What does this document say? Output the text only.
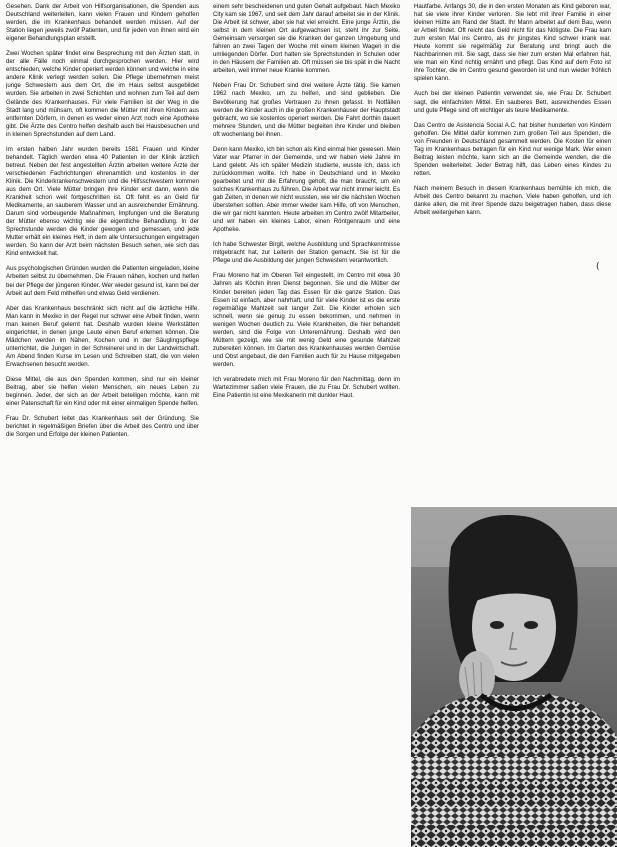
Gesehen. Dank der Arbeit von Hilfsorganisationen, die Spenden aus Deutschland weiterleiten, kann vielen Frauen und Kindern geholfen werden, die im Krankenhaus behandelt werden müssen. Auf der Station liegen jeweils zwölf Patienten, und für jeden von ihnen wird ein eigener Behandlungsplan erstellt.

Zwei Wochen später findet eine Besprechung mit den Ärzten statt, in der alle Fälle noch einmal durchgesprochen werden. Hier wird entschieden, welche Kinder operiert werden können und welche in eine andere Klinik verlegt werden sollen. Die Pflege übernehmen meist junge Schwestern aus dem Ort, die im Haus selbst ausgebildet wurden. Sie arbeiten in zwei Schichten und wohnen zum Teil auf dem Gelände des Krankenhauses. Für viele Familien ist der Weg in die Stadt lang und mühsam, oft kommen die Mütter mit ihren Kindern aus entfernten Dörfern, in denen es weder einen Arzt noch eine Apotheke gibt. Die Ärzte des Centro helfen deshalb auch bei Hausbesuchen und in kleinen Sprechstunden auf dem Land.

Im ersten halben Jahr wurden bereits 1581 Frauen und Kinder behandelt. Täglich werden etwa 40 Patienten in der Klinik ärztlich betreut. Neben der fest angestellten Ärztin arbeiten weitere Ärzte der verschiedenen Fachrichtungen ehrenamtlich und kostenlos in der Klinik. Die Kinderkrankenschwestern und die Hilfsschwestern kommen aus dem Ort. Viele Mütter bringen ihre Kinder erst dann, wenn die Krankheit schon weit fortgeschritten ist. Oft fehlt es an Geld für Medikamente, an sauberem Wasser und an ausreichender Ernährung. Darum sind vorbeugende Maßnahmen, Impfungen und die Beratung der Mütter ebenso wichtig wie die eigentliche Behandlung. In der Sprechstunde werden die Kinder gewogen und gemessen, und jede Mutter erhält ein kleines Heft, in dem alle Untersuchungen eingetragen werden. So kann der Arzt beim nächsten Besuch sehen, wie sich das Kind entwickelt hat.

Aus psychologischen Gründen wurden die Patienten eingeladen, kleine Arbeiten selbst zu übernehmen. Die Frauen nähen, kochen und helfen bei der Pflege der jüngeren Kinder. Wer wieder gesund ist, kann bei der Arbeit auf dem Feld mithelfen und etwas Geld verdienen.

Aber das Krankenhaus beschränkt sich nicht auf die ärztliche Hilfe. Man kann in Mexiko in der Regel nur schwer eine Arbeit finden, wenn man keinen Beruf gelernt hat. Deshalb wurden kleine Werkstätten eingerichtet, in denen junge Leute einen Beruf erlernen können. Die Mädchen werden im Nähen, Kochen und in der Säuglingspflege unterrichtet, die Jungen in der Schreinerei und in der Landwirtschaft. Am Abend finden Kurse im Lesen und Schreiben statt, die von vielen Erwachsenen besucht werden.

Diese Mittel, die aus den Spenden kommen, sind nur ein kleiner Beitrag, aber sie helfen vielen Menschen, ein neues Leben zu beginnen. Jeder, der sich an der Arbeit beteiligen möchte, kann mit einer Patenschaft für ein Kind oder mit einer einmaligen Spende helfen.

Frau Dr. Schubert leitet das Krankenhaus seit der Gründung. Sie berichtet in regelmäßigen Briefen über die Arbeit des Centro und über die Sorgen und Erfolge der kleinen Patienten.

einem sehr bescheidenen und guten Gehalt aufgebaut. Nach Mexiko City kam sie 1967, und seit dem Jahr darauf arbeitet sie in der Klinik. Die Arbeit ist schwer, aber sie hat viel erreicht. Eine junge Ärztin, die selbst in dem kleinen Ort aufgewachsen ist, steht ihr zur Seite. Gemeinsam versorgen sie die Kranken der ganzen Umgebung und fahren an zwei Tagen der Woche mit einem kleinen Wagen in die umliegenden Dörfer. Dort halten sie Sprechstunden in Schulen oder in den Häusern der Familien ab. Oft müssen sie bis spät in die Nacht arbeiten, weil immer neue Kranke kommen.

Neben Frau Dr. Schubert sind drei weitere Ärzte tätig. Sie kamen 1962 nach Mexiko, um zu helfen, und sind geblieben. Die Bevölkerung hat großes Vertrauen zu ihnen gefasst. In Notfällen werden die Kinder auch in die großen Krankenhäuser der Hauptstadt gebracht, wo sie kostenlos operiert werden. Die Fahrt dorthin dauert mehrere Stunden, und die Mütter begleiten ihre Kinder und bleiben oft wochenlang bei ihnen.

Denn kann Mexiko, ich bin schon als Kind einmal hier gewesen. Mein Vater war Pfarrer in der Gemeinde, und wir haben viele Jahre im Land gelebt. Als ich später Medizin studierte, wusste ich, dass ich zurückkommen wollte. Ich habe in Deutschland und in Mexiko gearbeitet und mir die Erfahrung geholt, die man braucht, um ein solches Krankenhaus zu führen. Die Arbeit war nicht immer leicht. Es gab Zeiten, in denen wir nicht wussten, wie wir die nächsten Wochen überstehen sollten. Aber immer wieder kam Hilfe, oft von Menschen, die wir gar nicht kannten. Heute arbeiten im Centro zwölf Mitarbeiter, und wir haben ein kleines Labor, einen Röntgenraum und eine Apotheke.

Ich habe Schwester Birgit, welche Ausbildung und Sprachkenntnisse mitgebracht hat, zur Leiterin der Station gemacht. Sie ist für die Pflege und die Ausbildung der jungen Schwestern verantwortlich.

Frau Moreno hat im Oberen Teil eingestellt, im Centro mit etwa 30 Jahren als Köchin ihren Dienst begonnen. Sie und die Mütter der Kinder bereiten jeden Tag das Essen für die ganze Station. Das Essen ist einfach, aber nahrhaft, und für viele Kinder ist es die erste regelmäßige Mahlzeit seit langer Zeit. Die Kinder erholen sich schnell, wenn sie genug zu essen bekommen, und nehmen in wenigen Wochen deutlich zu. Viele Krankheiten, die hier behandelt werden, sind die Folge von Unterernährung. Deshalb wird den Müttern gezeigt, wie sie mit wenig Geld eine gesunde Mahlzeit zubereiten können. Im Garten des Krankenhauses werden Gemüse und Obst angebaut, die den Familien auch für zu Hause mitgegeben werden.

Ich verabredete mich mit Frau Moreno für den Nachmittag, denn im Wartezimmer saßen viele Frauen, die zu Frau Dr. Schubert wollten. Eine Patientin ist eine Mexikanerin mit dunkler Haut.

Hautfarbe. Anfangs 30, die in den ersten Monaten als Kind geboren war, hat sie viele ihrer Kinder verloren. Sie lebt mit ihrer Familie in einer kleinen Hütte am Rand der Stadt. Ihr Mann arbeitet auf dem Bau, wenn er Arbeit findet. Oft reicht das Geld nicht für das Nötigste. Die Frau kam zum ersten Mal ins Centro, als ihr jüngstes Kind schwer krank war. Heute kommt sie regelmäßig zur Beratung und bringt auch die Nachbarinnen mit. Sie sagt, dass sie hier zum ersten Mal erfahren hat, wie man ein Kind richtig ernährt und pflegt. Das Kind auf dem Foto ist ihre Tochter, die im Centro gesund geworden ist und nun wieder fröhlich spielen kann.

Auch bei der kleinen Patientin verwendet sie, wie Frau Dr. Schubert sagt, die einfachsten Mittel. Ein sauberes Bett, ausreichendes Essen und gute Pflege sind oft wichtiger als teure Medikamente.

Das Centro de Asistencia Social A.C. hat bisher hunderten von Kindern geholfen. Die Mittel dafür kommen zum großen Teil aus Spenden, die von Freunden in Deutschland gesammelt werden. Die Kosten für einen Tag im Krankenhaus betragen für ein Kind nur wenige Mark. Wer einen Beitrag leisten möchte, kann sich an die Gemeinde wenden, die die Spenden weiterleitet. Jeder Betrag hilft, das Leben eines Kindes zu retten.

Nach meinem Besuch in diesem Krankenhaus bemühte ich mich, die Arbeit des Centro bekannt zu machen. Viele haben geholfen, und ich danke allen, die mit ihrer Spende dazu beigetragen haben, dass diese Arbeit weitergehen kann.

(
